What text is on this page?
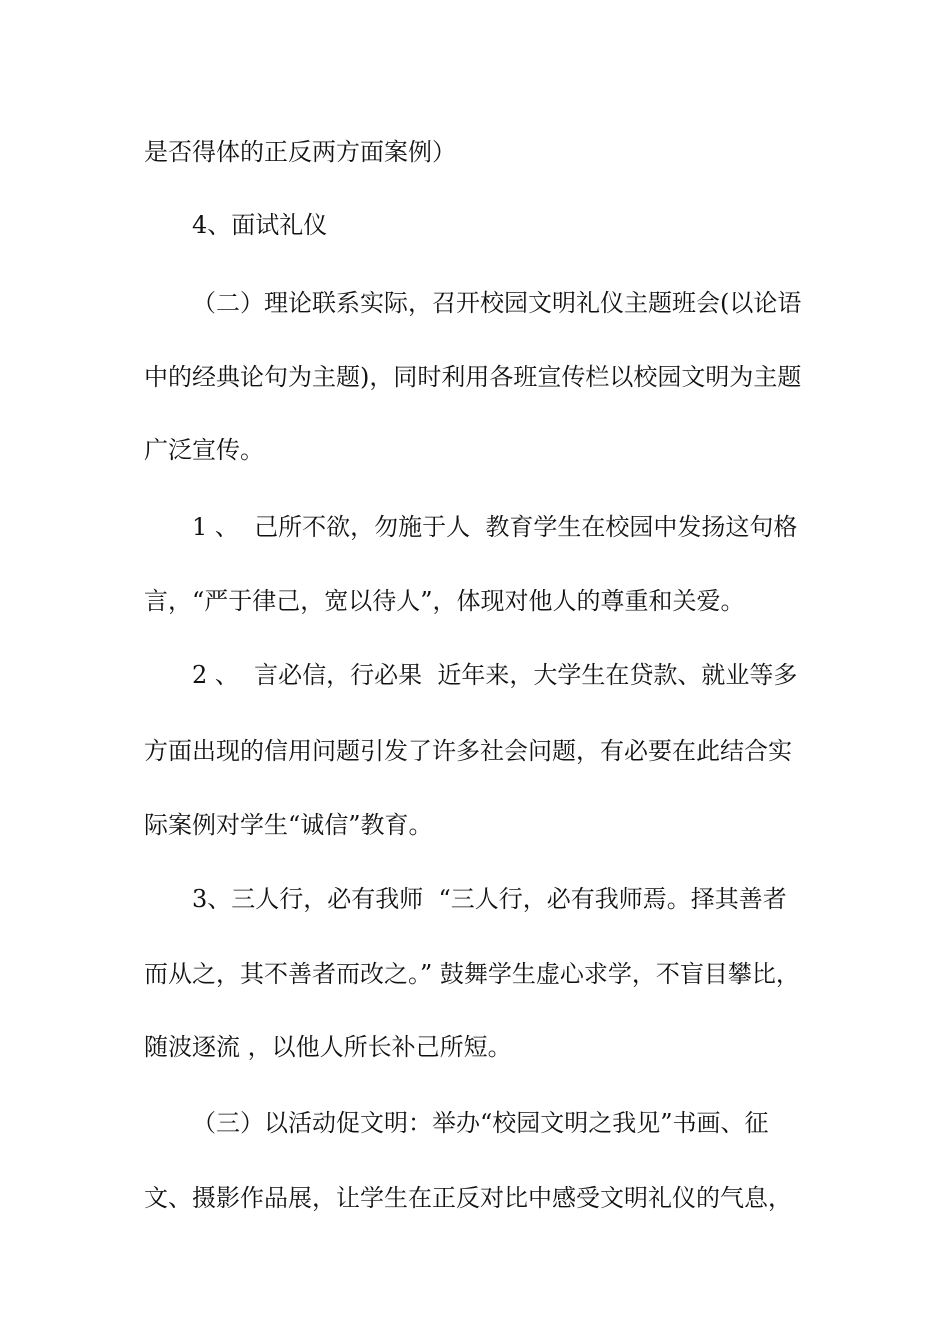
是否得体的正反两方面案例）
4、面试礼仪
（二）理论联系实际，召开校园文明礼仪主题班会(以论语
中的经典论句为主题)，同时利用各班宣传栏以校园文明为主题
广泛宣传。
1 、  己所不欲，勿施于人  教育学生在校园中发扬这句格
言，“严于律己，宽以待人”，体现对他人的尊重和关爱。
2 、  言必信，行必果  近年来，大学生在贷款、就业等多
方面出现的信用问题引发了许多社会问题，有必要在此结合实
际案例对学生“诚信”教育。
3、三人行，必有我师  “三人行，必有我师焉。择其善者
而从之，其不善者而改之。” 鼓舞学生虚心求学，不盲目攀比，
随波逐流 ，以他人所长补己所短。
（三）以活动促文明：举办“校园文明之我见”书画、征
文、摄影作品展，让学生在正反对比中感受文明礼仪的气息，
